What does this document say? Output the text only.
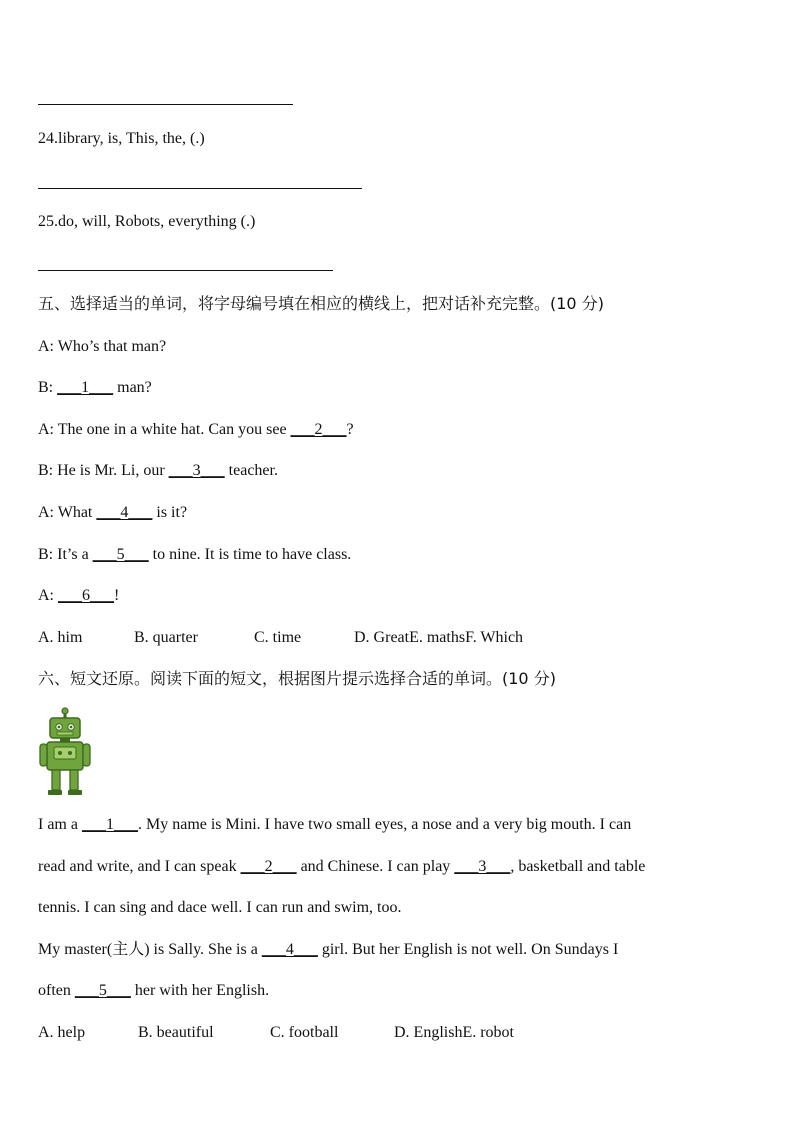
24.library, is, This, the, (.)
25.do, will, Robots, everything (.)
五、选择适当的单词，将字母编号填在相应的横线上，把对话补充完整。(10 分)
A: Who’s that man?
B: ___1___ man?
A: The one in a white hat. Can you see ___2___?
B: He is Mr. Li, our ___3___ teacher.
A: What ___4___ is it?
B: It’s a ___5___ to nine. It is time to have class.
A: ___6___!
A. him	B. quarter	C. time	D. GreatE. mathsF. Which
六、短文还原。阅读下面的短文，根据图片提示选择合适的单词。(10 分)
I am a ___1___. My name is Mini. I have two small eyes, a nose and a very big mouth. I can
read and write, and I can speak ___2___ and Chinese. I can play ___3___, basketball and table
tennis. I can sing and dace well. I can run and swim, too.
My master(主人) is Sally. She is a ___4___ girl. But her English is not well. On Sundays I
often ___5___ her with her English.
A. help	B. beautiful	C. football	D. EnglishE. robot
